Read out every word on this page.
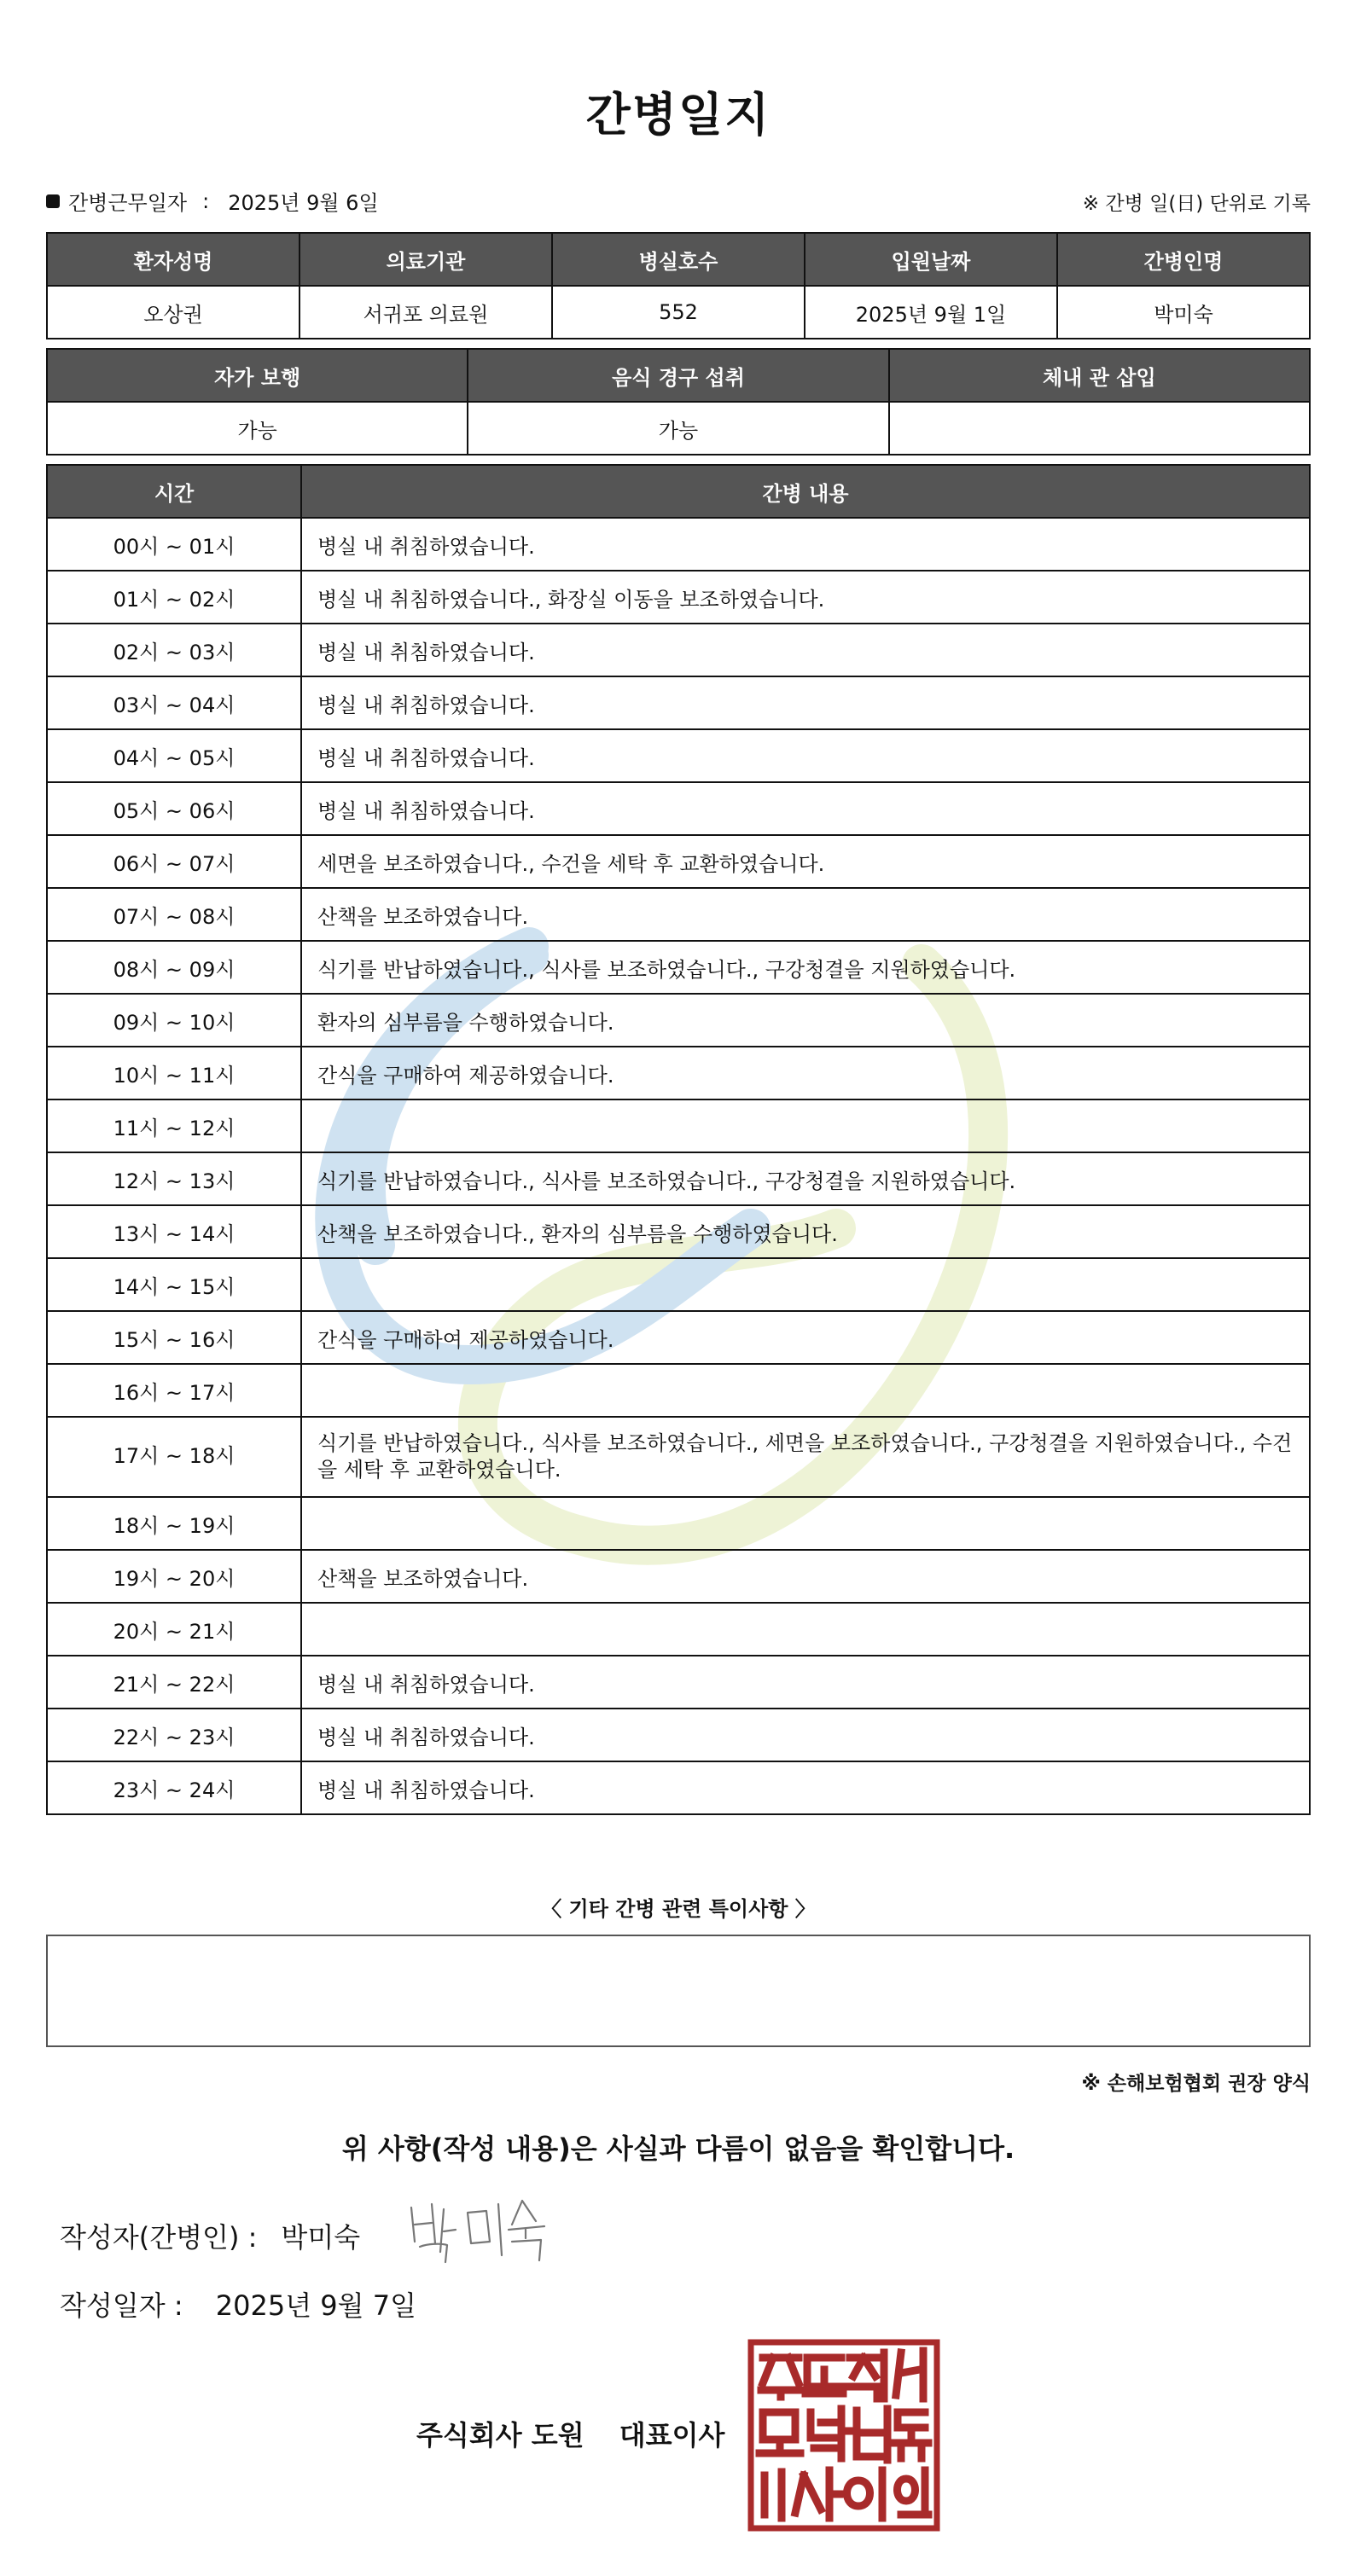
간병일지
간병근무일자 : 2025년 9월 6일	※ 간병 일(日) 단위로 기록
환자성명	의료기관	병실호수	입원날짜	간병인명
오상권	서귀포 의료원	552	2025년 9월 1일	박미숙
자가 보행	음식 경구 섭취	체내 관 삽입
가능	가능	
시간	간병 내용
00시 ~ 01시	병실 내 취침하였습니다.
01시 ~ 02시	병실 내 취침하였습니다., 화장실 이동을 보조하였습니다.
02시 ~ 03시	병실 내 취침하였습니다.
03시 ~ 04시	병실 내 취침하였습니다.
04시 ~ 05시	병실 내 취침하였습니다.
05시 ~ 06시	병실 내 취침하였습니다.
06시 ~ 07시	세면을 보조하였습니다., 수건을 세탁 후 교환하였습니다.
07시 ~ 08시	산책을 보조하였습니다.
08시 ~ 09시	식기를 반납하였습니다., 식사를 보조하였습니다., 구강청결을 지원하였습니다.
09시 ~ 10시	환자의 심부름을 수행하였습니다.
10시 ~ 11시	간식을 구매하여 제공하였습니다.
11시 ~ 12시	
12시 ~ 13시	식기를 반납하였습니다., 식사를 보조하였습니다., 구강청결을 지원하였습니다.
13시 ~ 14시	산책을 보조하였습니다., 환자의 심부름을 수행하였습니다.
14시 ~ 15시	
15시 ~ 16시	간식을 구매하여 제공하였습니다.
16시 ~ 17시	
17시 ~ 18시	식기를 반납하였습니다., 식사를 보조하였습니다., 세면을 보조하였습니다., 구강청결을 지원하였습니다., 수건을 세탁 후 교환하였습니다.
18시 ~ 19시	
19시 ~ 20시	산책을 보조하였습니다.
20시 ~ 21시	
21시 ~ 22시	병실 내 취침하였습니다.
22시 ~ 23시	병실 내 취침하였습니다.
23시 ~ 24시	병실 내 취침하였습니다.
〈 기타 간병 관련 특이사항 〉
※ 손해보험협회 권장 양식
위 사항(작성 내용)은 사실과 다름이 없음을 확인합니다.
작성자(간병인) : 박미숙
작성일자 : 2025년 9월 7일
주식회사 도원 대표이사
